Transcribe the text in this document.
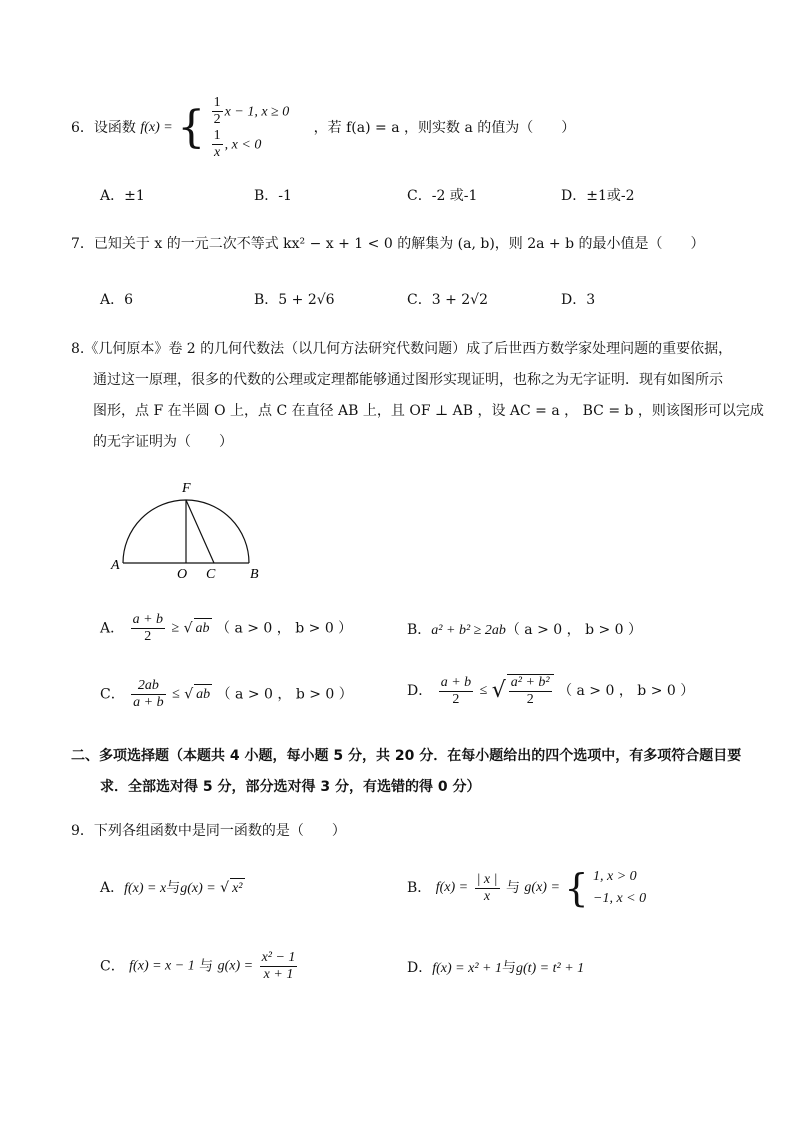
6．设函数 f(x) = { $\frac{1}{2}$ x − 1, x ≥ 0
$\frac{1}{x}$ , x < 0
，若 f(a) = a ，则实数 a 的值为（　　）
A．±1	B．-1	C．-2 或-1	D．±1或-2
7．已知关于 x 的一元二次不等式 kx² − x + 1 < 0 的解集为 (a, b)，则 2a + b 的最小值是（　　）
A．6	B．5 + 2√6	C．3 + 2√2	D．3
8.《几何原本》卷 2 的几何代数法（以几何方法研究代数问题）成了后世西方数学家处理问题的重要依据，
通过这一原理，很多的代数的公理或定理都能够通过图形实现证明，也称之为无字证明．现有如图所示
图形，点 F 在半圆 O 上，点 C 在直径 AB 上，且 OF ⊥ AB ，设 AC = a ， BC = b ，则该图形可以完成
的无字证明为（　　）
A
O C B
F
A． $\frac{a + b}{2}$ ≥ √ ab （ a > 0 ， b > 0 ）	B．a² + b² ≥ 2ab（ a > 0 ， b > 0 ）
C． $\frac{2ab}{a + b}$ ≤ √ ab （ a > 0 ， b > 0 ）	D． $\frac{a + b}{2}$ ≤ √ $\frac{\text{a² + b²}}{2}$ （ a > 0 ， b > 0 ）
二、多项选择题（本题共 4 小题，每小题 5 分，共 20 分．在每小题给出的四个选项中，有多项符合题目要
求．全部选对得 5 分，部分选对得 3 分，有选错的得 0 分）
9．下列各组函数中是同一函数的是（　　）
A．f(x) = x与g(x) = √ x²	B． $f(x) = \frac{| x |}{x}$ 与 g(x) = { 1, x > 0
−1, x < 0
C． f(x) = x − 1 与 $g(x) = \frac{\text{x² − 1}}{x + 1}$	D．f(x) = x² + 1与g(t) = t² + 1
